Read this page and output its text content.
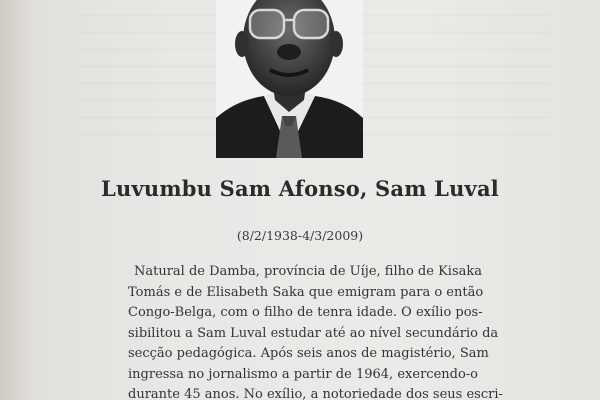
Luvumbu Sam Afonso, Sam Luval
(8/2/1938-4/3/2009)
Natural de Damba, província de Uíje, filho de Kisaka
Tomás e de Elisabeth Saka que emigram para o então
Congo-Belga, com o filho de tenra idade. O exílio pos-
sibilitou a Sam Luval estudar até ao nível secundário da
secção pedagógica. Após seis anos de magistério, Sam
ingressa no jornalismo a partir de 1964, exercendo-o
durante 45 anos. No exílio, a notoriedade dos seus escri-
